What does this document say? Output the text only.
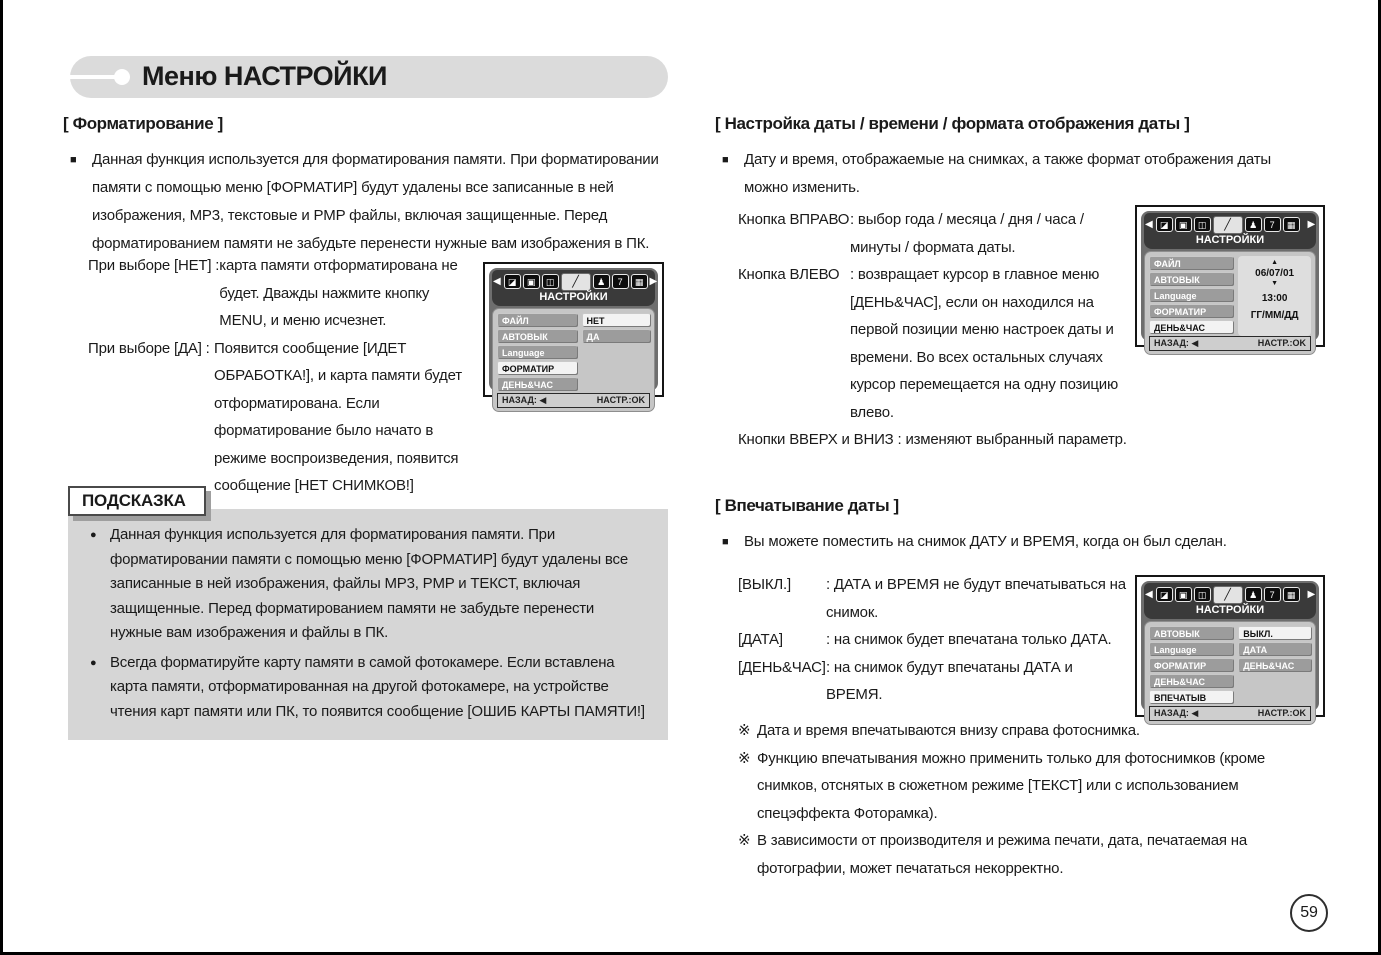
Меню НАСТРОЙКИ
[ Форматирование ]
■	Данная функция используется для форматирования памяти. При форматировании памяти с помощью меню [ФОРМАТИР] будут удалены все записанные в ней изображения, MP3, текстовые и PMP файлы, включая защищенные. Перед форматированием памяти не забудьте перенести нужные вам изображения в ПК.
При выборе [НЕТ] : карта памяти отформатирована не будет. Дважды нажмите кнопку MENU, и меню исчезнет.
При выборе [ДА] : Появится сообщение [ИДЕТ ОБРАБОТКА!], и карта памяти будет отформатирована. Если форматирование было начато в режиме воспроизведения, появится сообщение [НЕТ СНИМКОВ!]
◀ ◪	▣	◫	╱	♟	7	▦ ▶
НАСТРОЙКИ
ФАЙЛ
АВТОВЫК
Language
ФОРМАТИР
ДЕНЬ&ЧАС
НЕТ
ДА
НАЗАД: ◀	НАСТР.:OK
ПОДСКАЗКА
● Данная функция используется для форматирования памяти. При форматировании памяти с помощью меню [ФОРМАТИР] будут удалены все записанные в ней изображения, файлы MP3, PMP и ТЕКСТ, включая защищенные. Перед форматированием памяти не забудьте перенести нужные вам изображения и файлы в ПК.
● Всегда форматируйте карту памяти в самой фотокамере. Если вставлена карта памяти, отформатированная на другой фотокамере, на устройстве чтения карт памяти или ПК, то появится сообщение [ОШИБ КАРТЫ ПАМЯТИ!]
[ Настройка даты / времени / формата отображения даты ]
■	Дату и время, отображаемые на снимках, а также формат отображения даты можно изменить.
Кнопка ВПРАВО : выбор года / месяца / дня / часа / минуты / формата даты.
Кнопка ВЛЕВО : возвращает курсор в главное меню [ДЕНЬ&ЧАС], если он находился на первой позиции меню настроек даты и времени. Во всех остальных случаях курсор перемещается на одну позицию влево.
Кнопки ВВЕРХ и ВНИЗ : изменяют выбранный параметр.
◀ ◪	▣	◫	╱	♟	7	▦	▶
НАСТРОЙКИ
ФАЙЛ
АВТОВЫК
Language
ФОРМАТИР
ДЕНЬ&ЧАС
▲
06/07/01
▼
13:00
ГГ/ММ/ДД
НАЗАД: ◀	НАСТР.:OK
[ Впечатывание даты ]
■	Вы можете поместить на снимок ДАТУ и ВРЕМЯ, когда он был сделан.
[ВЫКЛ.]	: ДАТА и ВРЕМЯ не будут впечатываться на снимок.
[ДАТА]	: на снимок будет впечатана только ДАТА.
[ДЕНЬ&ЧАС] : на снимок будут впечатаны ДАТА и ВРЕМЯ.
◀ ◪	▣	◫	╱	♟	7	▦	▶
НАСТРОЙКИ
АВТОВЫК
Language
ФОРМАТИР
ДЕНЬ&ЧАС
ВПЕЧАТЫВ
ВЫКЛ.
ДАТА
ДЕНЬ&ЧАС
НАЗАД: ◀	НАСТР.:OK
※ Дата и время впечатываются внизу справа фотоснимка.
※ Функцию впечатывания можно применить только для фотоснимков (кроме снимков, отснятых в сюжетном режиме [ТЕКСТ] или с использованием спецэффекта Фоторамка).
※ В зависимости от производителя и режима печати, дата, печатаемая на фотографии, может печататься некорректно.
59
